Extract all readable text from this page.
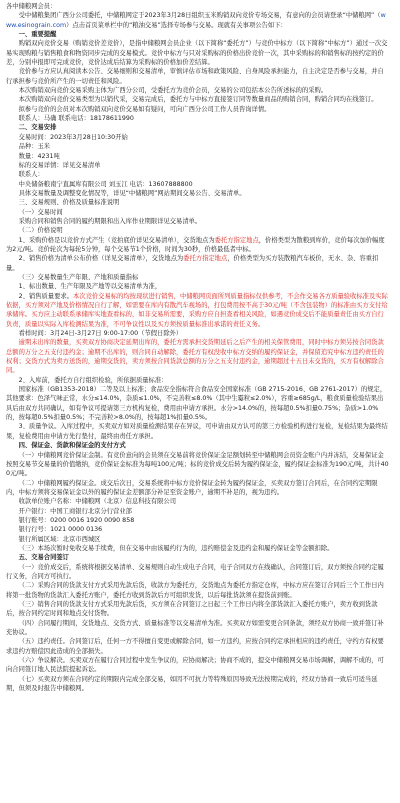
各中储粮网会员：

受中储粮集团广西分公司委托，中储粮网定于2023年3月28日组织玉米购销双向竞价专场交易，有意向的会员请登录“中储粮网”（www.esinograin.com）点击首页菜单栏中的“粮油交易”选择专场参与交易。现就有关事项公告如下：

一、重要提醒

购销双向竞价交易（购销竞价差竞价），是指中储粮网会员企业（以下简称“委托方”）与竞价中标方（以下简称“中标方”）通过一次交易实现购粮与销售粮食和物资同步完成的交易模式。竞价中标方与只对采购标的价格出价竞价一次，其中采购标的和销售标的按约定的价差，分别申报即可完成竞价，竞价达成后结算为采购标的价格加价差结算。

竞价参与方应认真阅读本公告、交易细则和交易清单，审慎评估市场和政策风险、自身风险承担能力，自主决定是否参与交易，并自行承担参与竞价所产生的一切责任和风险。

本次购销双向竞价交易采购主体为广西分公司，受委托方为竞价会员，交易的公司包括本公告所述标的的采购。

本次购销双向竞价交易类型为以销代采，交易完成后，委托方与中标方直接签订同等数量商品的购销合同，购销合同均在线签订。

拟参与竞价的会员对本次购销双向竞价交易如有疑问，可向广西分公司工作人员咨询详情。

联系人：马确 联系电话：18178611990

二、交易安排

交易时间：2023年3月28日10:30开始

品种：玉米

数量：4231吨

标的交易详情：详见交易清单

联系人：

中央储备粮南宁直属库有限公司 刘玉江 电话：13607888800

具体交易数量及调整变化情况等，详见“中储粮网”网站期间交易公告、交易清单。

三、交易规则、价格及质量标准说明

（一）交易时间

采购合同和销售合同的履约期限和出入库作业期限详见交易清单。

（二）价格说明

1、采购价格是以竞价方式产生（竞拍底价详见交易清单），交货地点为委托方指定地点，价格类型为散粮到库价，竞价每次加价幅度为2元/吨。竞价轮次为每轮5分钟，每个交易节1个价格，时间为30秒，价格最低者中标。

2、销售价格为清单公布价格（详见交易清单），交货地点为委托方指定地点，价格类型为买方装散粮汽车板价，无水、杂、容重扣量。

（三）交易数量生产年限、产地和质量指标

1、标出数量、生产年限及产地等以交易清单为准，

2、销售质量要求。本次竞价交易标的均按现状进行销售，中储粮网页面所列质量指标仅供参考，不会作交易各方质量验收标准及实际依据，买方须对产地及价格情况自行了解，如需要在库内有散汽车视场的，打包费用按不高于30元/吨（不含包装物）的标准由买方支付给承储库。买方应主动联系承储库实地查看标的，如非交易所需要，采购方应自担查看相关风险，如遇竞价成交后不能质量责任由买方自行负责，质量以实际入库检测结果为准，不可争议性以及买方须按质量标准出承诺的责任义务。

看样时间：3月24日-3月27日 9:00-17:00（节假日除外）

逾期未出库的数量，买卖双方协商决定延期出库的，委托方需承担交货期延后之后产生的相关保管费用，同时中标方须另按合同货款总额的万分之五支付违约金；逾期不出库的，则合同自动解除，委托方有权没收中标方交纳的履约保证金，并保留追究中标方违约责任的权利；交货方式为卖方送货的，逾期交货的，卖方须按合同货款总额的万分之五支付违约金，逾期超过十五日未交货的，买方有权解除合同。

2、入库前，委托方自行组织检验，所依据质量标准：

国家标准（GB1353-2018）二等及以上标准；食品安全指标符合食品安全国家标准（GB 2715-2016、GB 2761-2017）的规定，其他要求：色泽气味正常，水分≤14.0%，杂质≤1.0%，不完善粒≤8.0%（其中生霉粒≤2.0%），容重≥685g/L，粮食质量检验结果出具后由双方共同确认，如有争议可提请第三方机构复检，费用由申请方承担。水分>14.0%的，按每超0.5%扣量0.75%；杂质>1.0%的，按每超0.5%扣量0.5%；不完善粒>8.0%的，按每超1%扣量0.5%。

3、质量争议。入库过程中，买卖双方如对质量检测结果存在异议，可申请由双方认可的第三方检验机构进行复检，复检结果为最终结果，复检费用由申请方先行垫付，最终由责任方承担。

四、保证金、货款和保证金的支付方式

（一）中储粮网竞价保证金制。有竞价意向的会员须在交易前将竞价保证金足额划转至中储粮网会员资金账户内并冻结，交易保证金按照交易节交易量的价值缴纳，竞价保证金标准为每吨100元/吨；标的竞价成交后转为履约保证金，履约保证金标准为190元/吨，共计400元/吨。

（二）中储粮网履约保证金。成交后次日，交易系统将中标方竞价保证金转为履约保证金，买卖双方签订合同后，在合同约定期限内，中标方须将交易保证金以外的履约保证金差额部分补足至资金账户，逾期不补足的，视为违约。

收款单位账户名称：中储粮网（北京）信息科技有限公司

开户银行：中国工商银行北京分行营业部

银行账号：0200 0016 1920 0090 858

银行行号：1021 0000 0136

银行所属区域：北京市西城区

（三）本场次暂时免收交易手续费，但在交易中由该履约行为的，违约赔偿金及违约金和履约保证金等金额扣除。

五、交易合同签订

（一）竞价成交后，系统将根据交易清单、交易规则自动生成电子合同，电子合同双方在线确认，合同签订后，双方须按合同约定履行义务，合同方可执行。

（二）采购合同的货款支付方式采用先款后货，收款方为委托方，交货地点为委托方指定仓库，中标方应在签订合同后三个工作日内将第一批货物的货款汇入委托方账户，委托方收到货款后方可组织发货，以后每批货款须在提货前到账。

（三）销售合同的货款支付方式采用先款后货，买方须在合同签订之日起三个工作日内将全部货款汇入委托方账户，卖方收到货款后，按合同约定时间和地点交付货物。

（四）合同履行期间，交货地点、交货方式、质量标准等以交易清单为准。买卖双方如需变更合同条款，须经双方协商一致并签订补充协议。

（五）违约责任。合同签订后，任何一方不得擅自变更或解除合同，如一方违约，应按合同约定承担相应的违约责任，守约方有权要求违约方赔偿因此造成的全部损失。

（六）争议解决。买卖双方在履行合同过程中发生争议的，应协商解决；协商不成的，提交中储粮网交易市场调解，调解不成的，可向合同签订地人民法院提起诉讼。

（七）买卖双方须在合同约定的期限内完成全部交易，如因不可抗力等特殊原因导致无法按期完成的，经双方协商一致后可适当延期，但须及时报告中储粮网。
